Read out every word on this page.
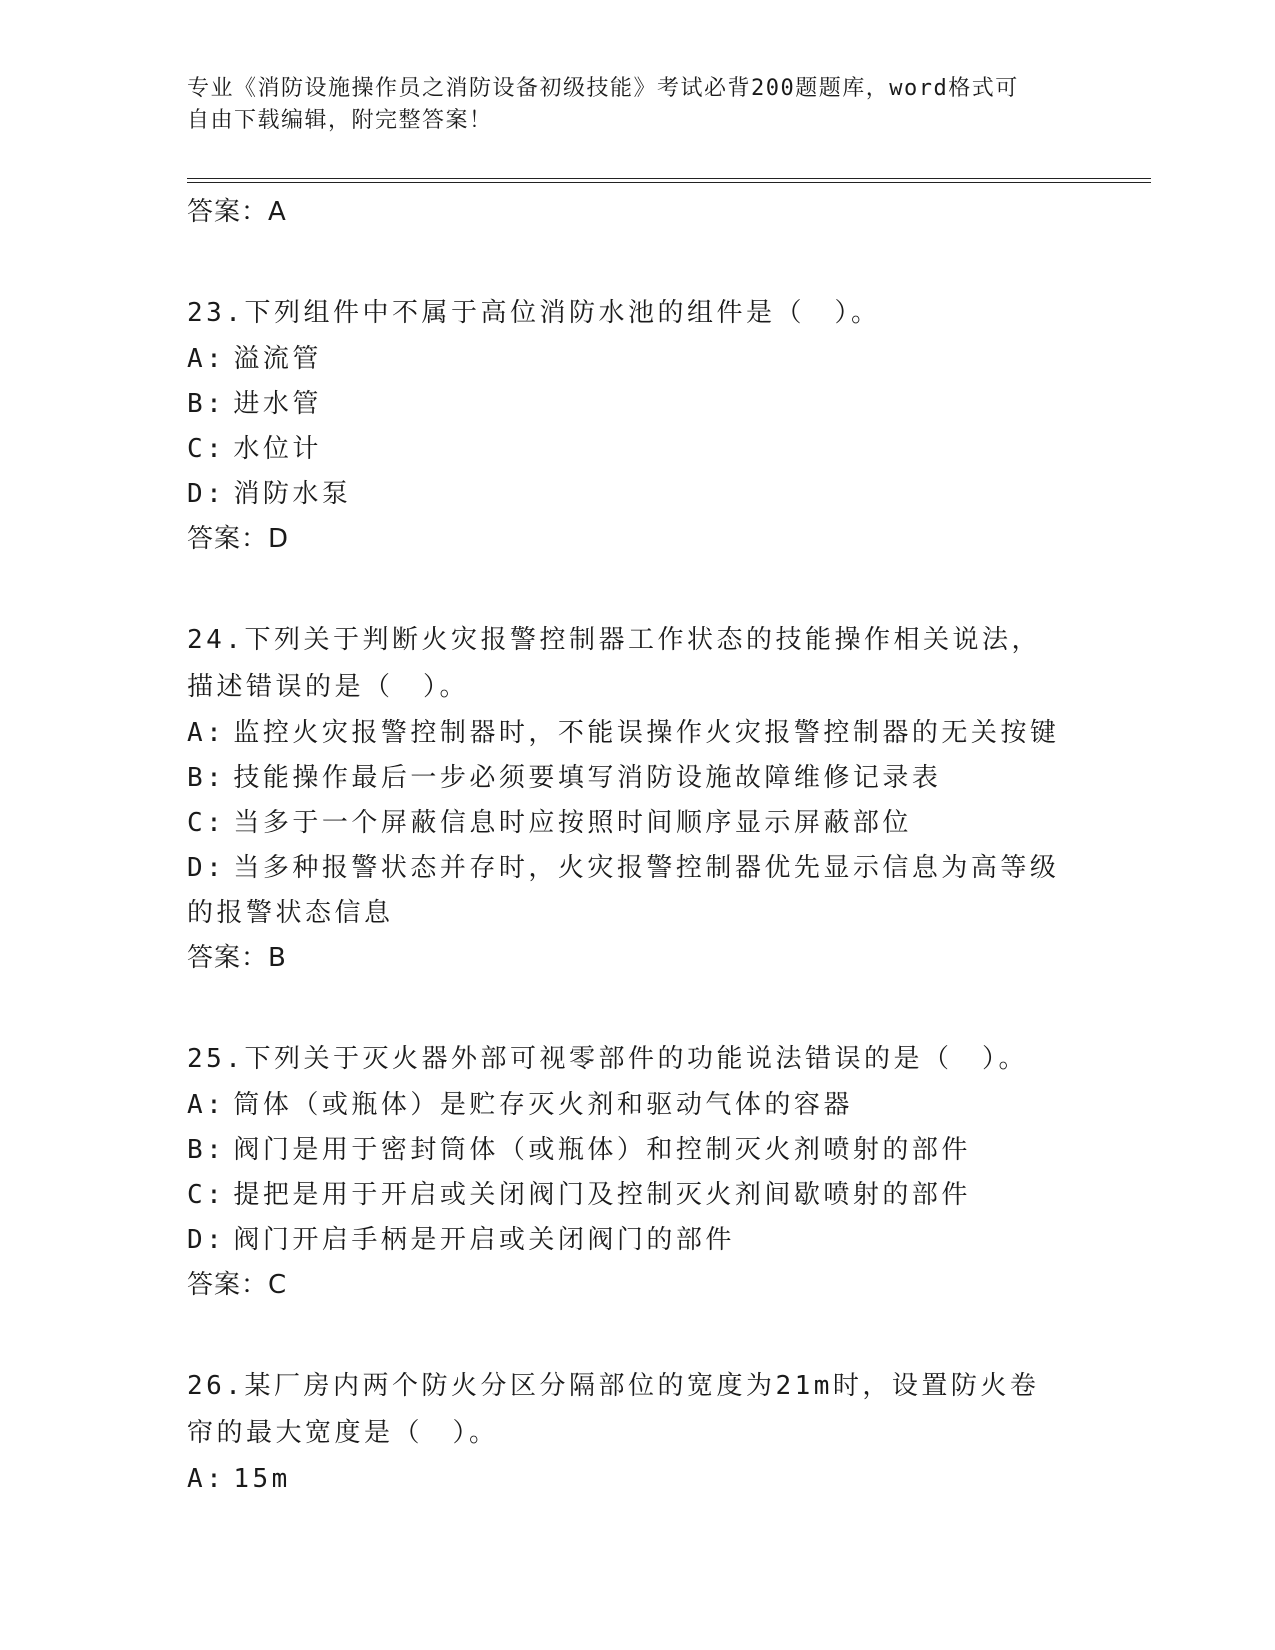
专业《消防设施操作员之消防设备初级技能》考试必背200题题库，word格式可
自由下载编辑，附完整答案！
答案：A
23.下列组件中不属于高位消防水池的组件是（　）。
A: 溢流管
B: 进水管
C: 水位计
D: 消防水泵
答案：D
24.下列关于判断火灾报警控制器工作状态的技能操作相关说法，描述错误的是（　）。
A: 监控火灾报警控制器时，不能误操作火灾报警控制器的无关按键
B: 技能操作最后一步必须要填写消防设施故障维修记录表
C: 当多于一个屏蔽信息时应按照时间顺序显示屏蔽部位
D: 当多种报警状态并存时，火灾报警控制器优先显示信息为高等级的报警状态信息
答案：B
25.下列关于灭火器外部可视零部件的功能说法错误的是（　）。
A: 筒体（或瓶体）是贮存灭火剂和驱动气体的容器
B: 阀门是用于密封筒体（或瓶体）和控制灭火剂喷射的部件
C: 提把是用于开启或关闭阀门及控制灭火剂间歇喷射的部件
D: 阀门开启手柄是开启或关闭阀门的部件
答案：C
26.某厂房内两个防火分区分隔部位的宽度为21m时，设置防火卷帘的最大宽度是（　）。
A: 15m
